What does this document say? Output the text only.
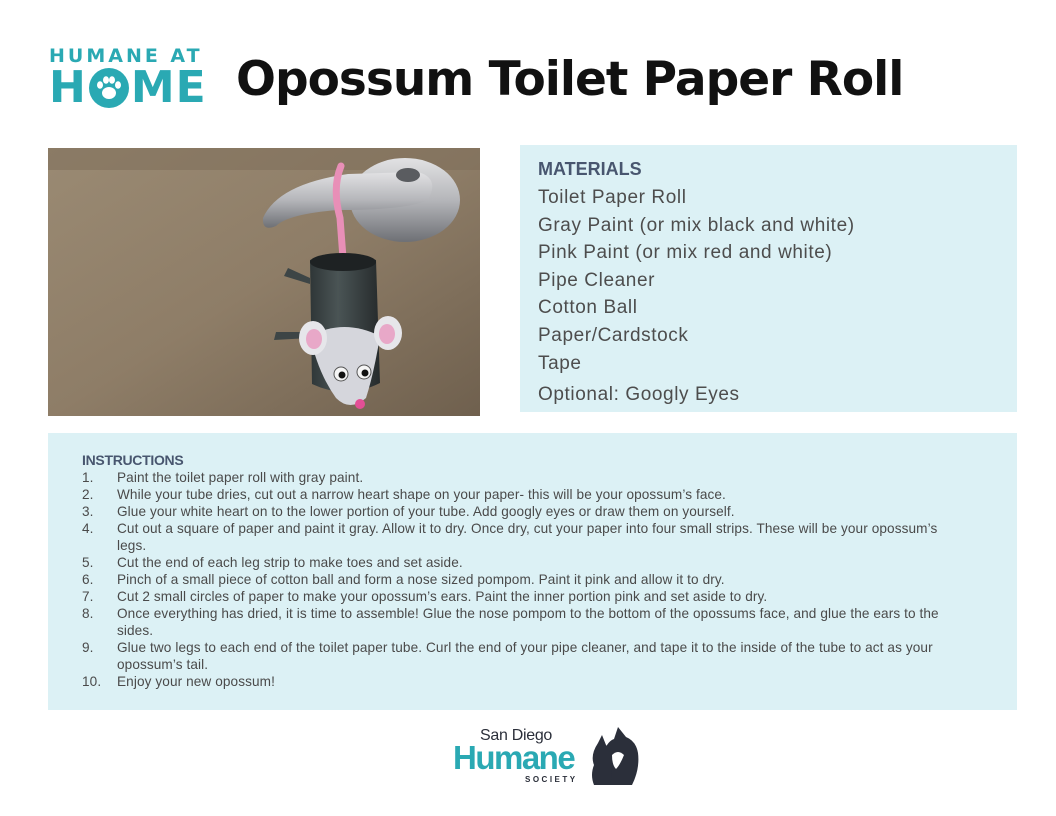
HUMANE AT
H ME Opossum Toilet Paper Roll
MATERIALS
Toilet Paper Roll
Gray Paint (or mix black and white)
Pink Paint (or mix red and white)
Pipe Cleaner
Cotton Ball
Paper/Cardstock
Tape
Optional: Googly Eyes
INSTRUCTIONS
1.	Paint the toilet paper roll with gray paint.
2.	While your tube dries, cut out a narrow heart shape on your paper- this will be your opossum’s face.
3.	Glue your white heart on to the lower portion of your tube. Add googly eyes or draw them on yourself.
4.	Cut out a square of paper and paint it gray. Allow it to dry. Once dry, cut your paper into four small strips. These will be your opossum’s legs.
5.	Cut the end of each leg strip to make toes and set aside.
6.	Pinch of a small piece of cotton ball and form a nose sized pompom. Paint it pink and allow it to dry.
7.	Cut 2 small circles of paper to make your opossum’s ears. Paint the inner portion pink and set aside to dry.
8.	Once everything has dried, it is time to assemble! Glue the nose pompom to the bottom of the opossums face, and glue the ears to the sides.
9.	Glue two legs to each end of the toilet paper tube. Curl the end of your pipe cleaner, and tape it to the inside of the tube to act as your opossum’s tail.
10.	Enjoy your new opossum!
San Diego
Humane
SOCIETY
